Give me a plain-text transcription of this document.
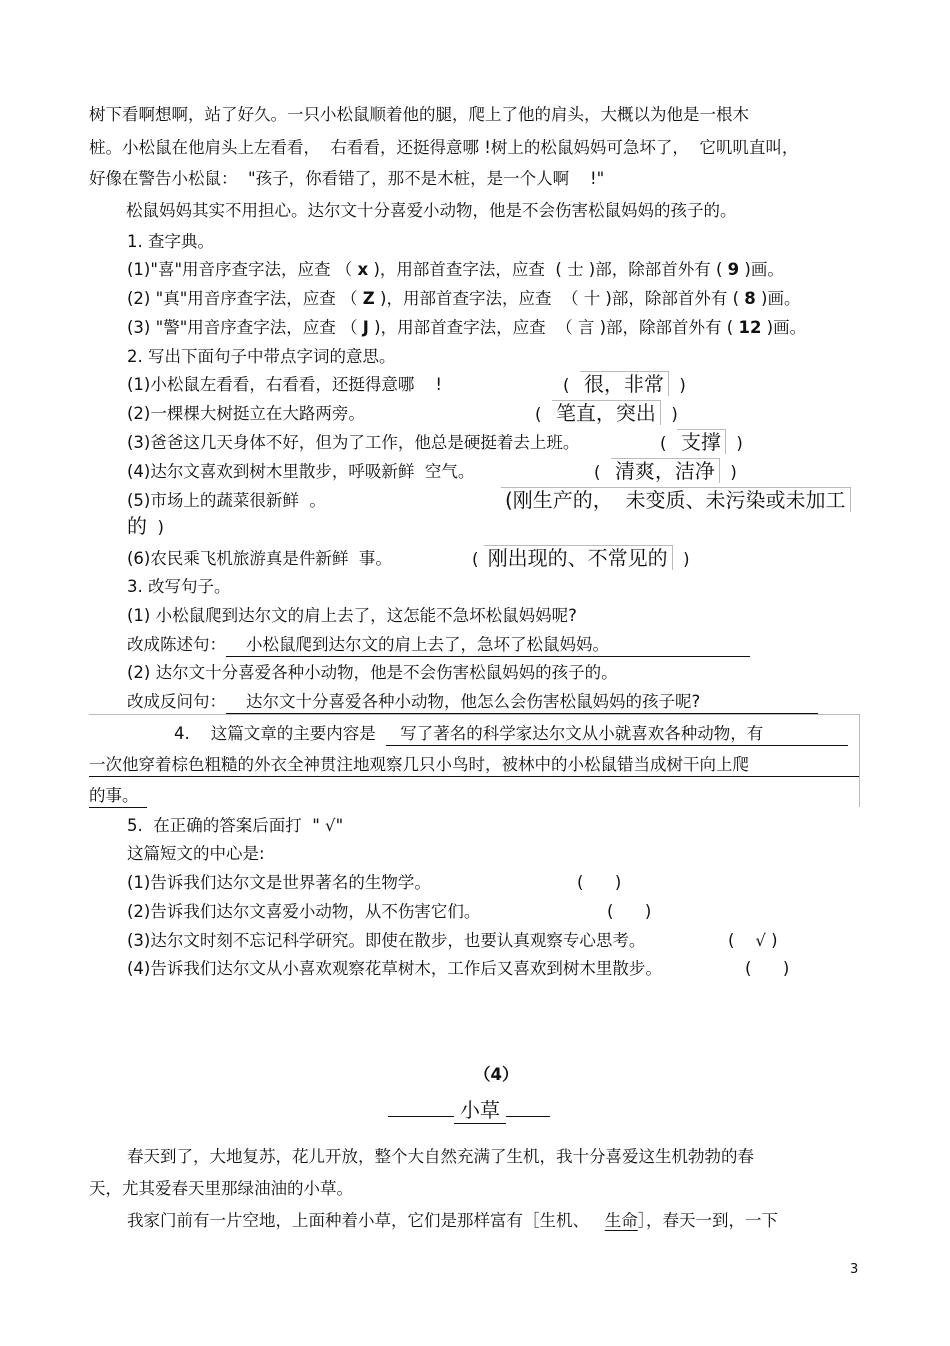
树下看啊想啊，站了好久。一只小松鼠顺着他的腿，爬上了他的肩头，大概以为他是一根木
桩。小松鼠在他肩头上左看看，  右看看，还挺得意哪 !树上的松鼠妈妈可急坏了，  它叽叽直叫，
好像在警告小松鼠：  "孩子，你看错了，那不是木桩，是一个人啊    !"
松鼠妈妈其实不用担心。达尔文十分喜爱小动物，他是不会伤害松鼠妈妈的孩子的。
1. 查字典。
(1)"喜"用音序查字法，应查 （ x )，用部首查字法，应查  ( 士 )部，除部首外有 ( 9 )画。
(2) "真"用音序查字法，应查 （ Z )，用部首查字法，应查  （ 十 )部，除部首外有 ( 8 )画。
(3) "警"用音序查字法，应查 （ J )，用部首查字法，应查  （ 言 )部，除部首外有 ( 12 )画。
2. 写出下面句子中带点字词的意思。
(1)小松鼠左看看，右看看，还挺得意哪    !	(  很，非常  )
(2)一棵棵大树挺立在大路两旁。	(  笔直，突出  )
(3)爸爸这几天身体不好，但为了工作，他总是硬挺着去上班。	(  支撑  )
(4)达尔文喜欢到树木里散步，呼吸新鲜  空气。	(  清爽，洁净  )
(5)市场上的蔬菜很新鲜  。	(刚生产的，  未变质、未污染或未加工
的  )
(6)农民乘飞机旅游真是件新鲜  事。	( 刚出现的、不常见的  )
3. 改写句子。
(1) 小松鼠爬到达尔文的肩上去了，这怎能不急坏松鼠妈妈呢?
改成陈述句： 小松鼠爬到达尔文的肩上去了，急坏了松鼠妈妈。
(2) 达尔文十分喜爱各种小动物，他是不会伤害松鼠妈妈的孩子的。
改成反问句： 达尔文十分喜爱各种小动物，他怎么会伤害松鼠妈妈的孩子呢?
4.    这篇文章的主要内容是 写了著名的科学家达尔文从小就喜欢各种动物，有
一次他穿着棕色粗糙的外衣全神贯注地观察几只小鸟时，被林中的小松鼠错当成树干向上爬
的事。
5.  在正确的答案后面打  " √"
这篇短文的中心是:
(1)告诉我们达尔文是世界著名的生物学。	(      )
(2)告诉我们达尔文喜爱小动物，从不伤害它们。	(      )
(3)达尔文时刻不忘记科学研究。即使在散步，也要认真观察专心思考。	(    √ )
(4)告诉我们达尔文从小喜欢观察花草树木，工作后又喜欢到树木里散步。	(      )
（4）
小草
春天到了，大地复苏，花儿开放，整个大自然充满了生机，我十分喜爱这生机勃勃的春
天，尤其爱春天里那绿油油的小草。
我家门前有一片空地，上面种着小草，它们是那样富有［生机、 生命］，春天一到，一下
3
